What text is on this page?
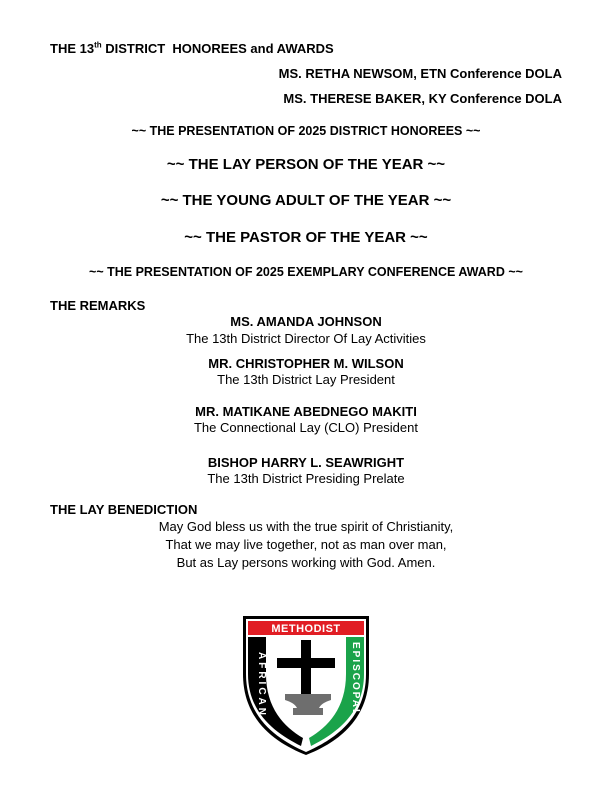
THE 13th DISTRICT  HONOREES and AWARDS
MS. RETHA NEWSOM, ETN Conference DOLA
MS. THERESE BAKER, KY Conference DOLA
~~ THE PRESENTATION OF 2025 DISTRICT HONOREES ~~
~~ THE LAY PERSON OF THE YEAR ~~
~~ THE YOUNG ADULT OF THE YEAR ~~
~~ THE PASTOR OF THE YEAR ~~
~~ THE PRESENTATION OF 2025 EXEMPLARY CONFERENCE AWARD ~~
THE REMARKS
MS. AMANDA JOHNSON
The 13th District Director Of Lay Activities
MR. CHRISTOPHER M. WILSON
The 13th District Lay President
MR. MATIKANE ABEDNEGO MAKITI
The Connectional Lay (CLO) President
BISHOP HARRY L. SEAWRIGHT
The 13th District Presiding Prelate
THE LAY BENEDICTION
May God bless us with the true spirit of Christianity,
That we may live together, not as man over man,
But as Lay persons working with God. Amen.
METHODIST
AFRICAN	EPISCOPAL
